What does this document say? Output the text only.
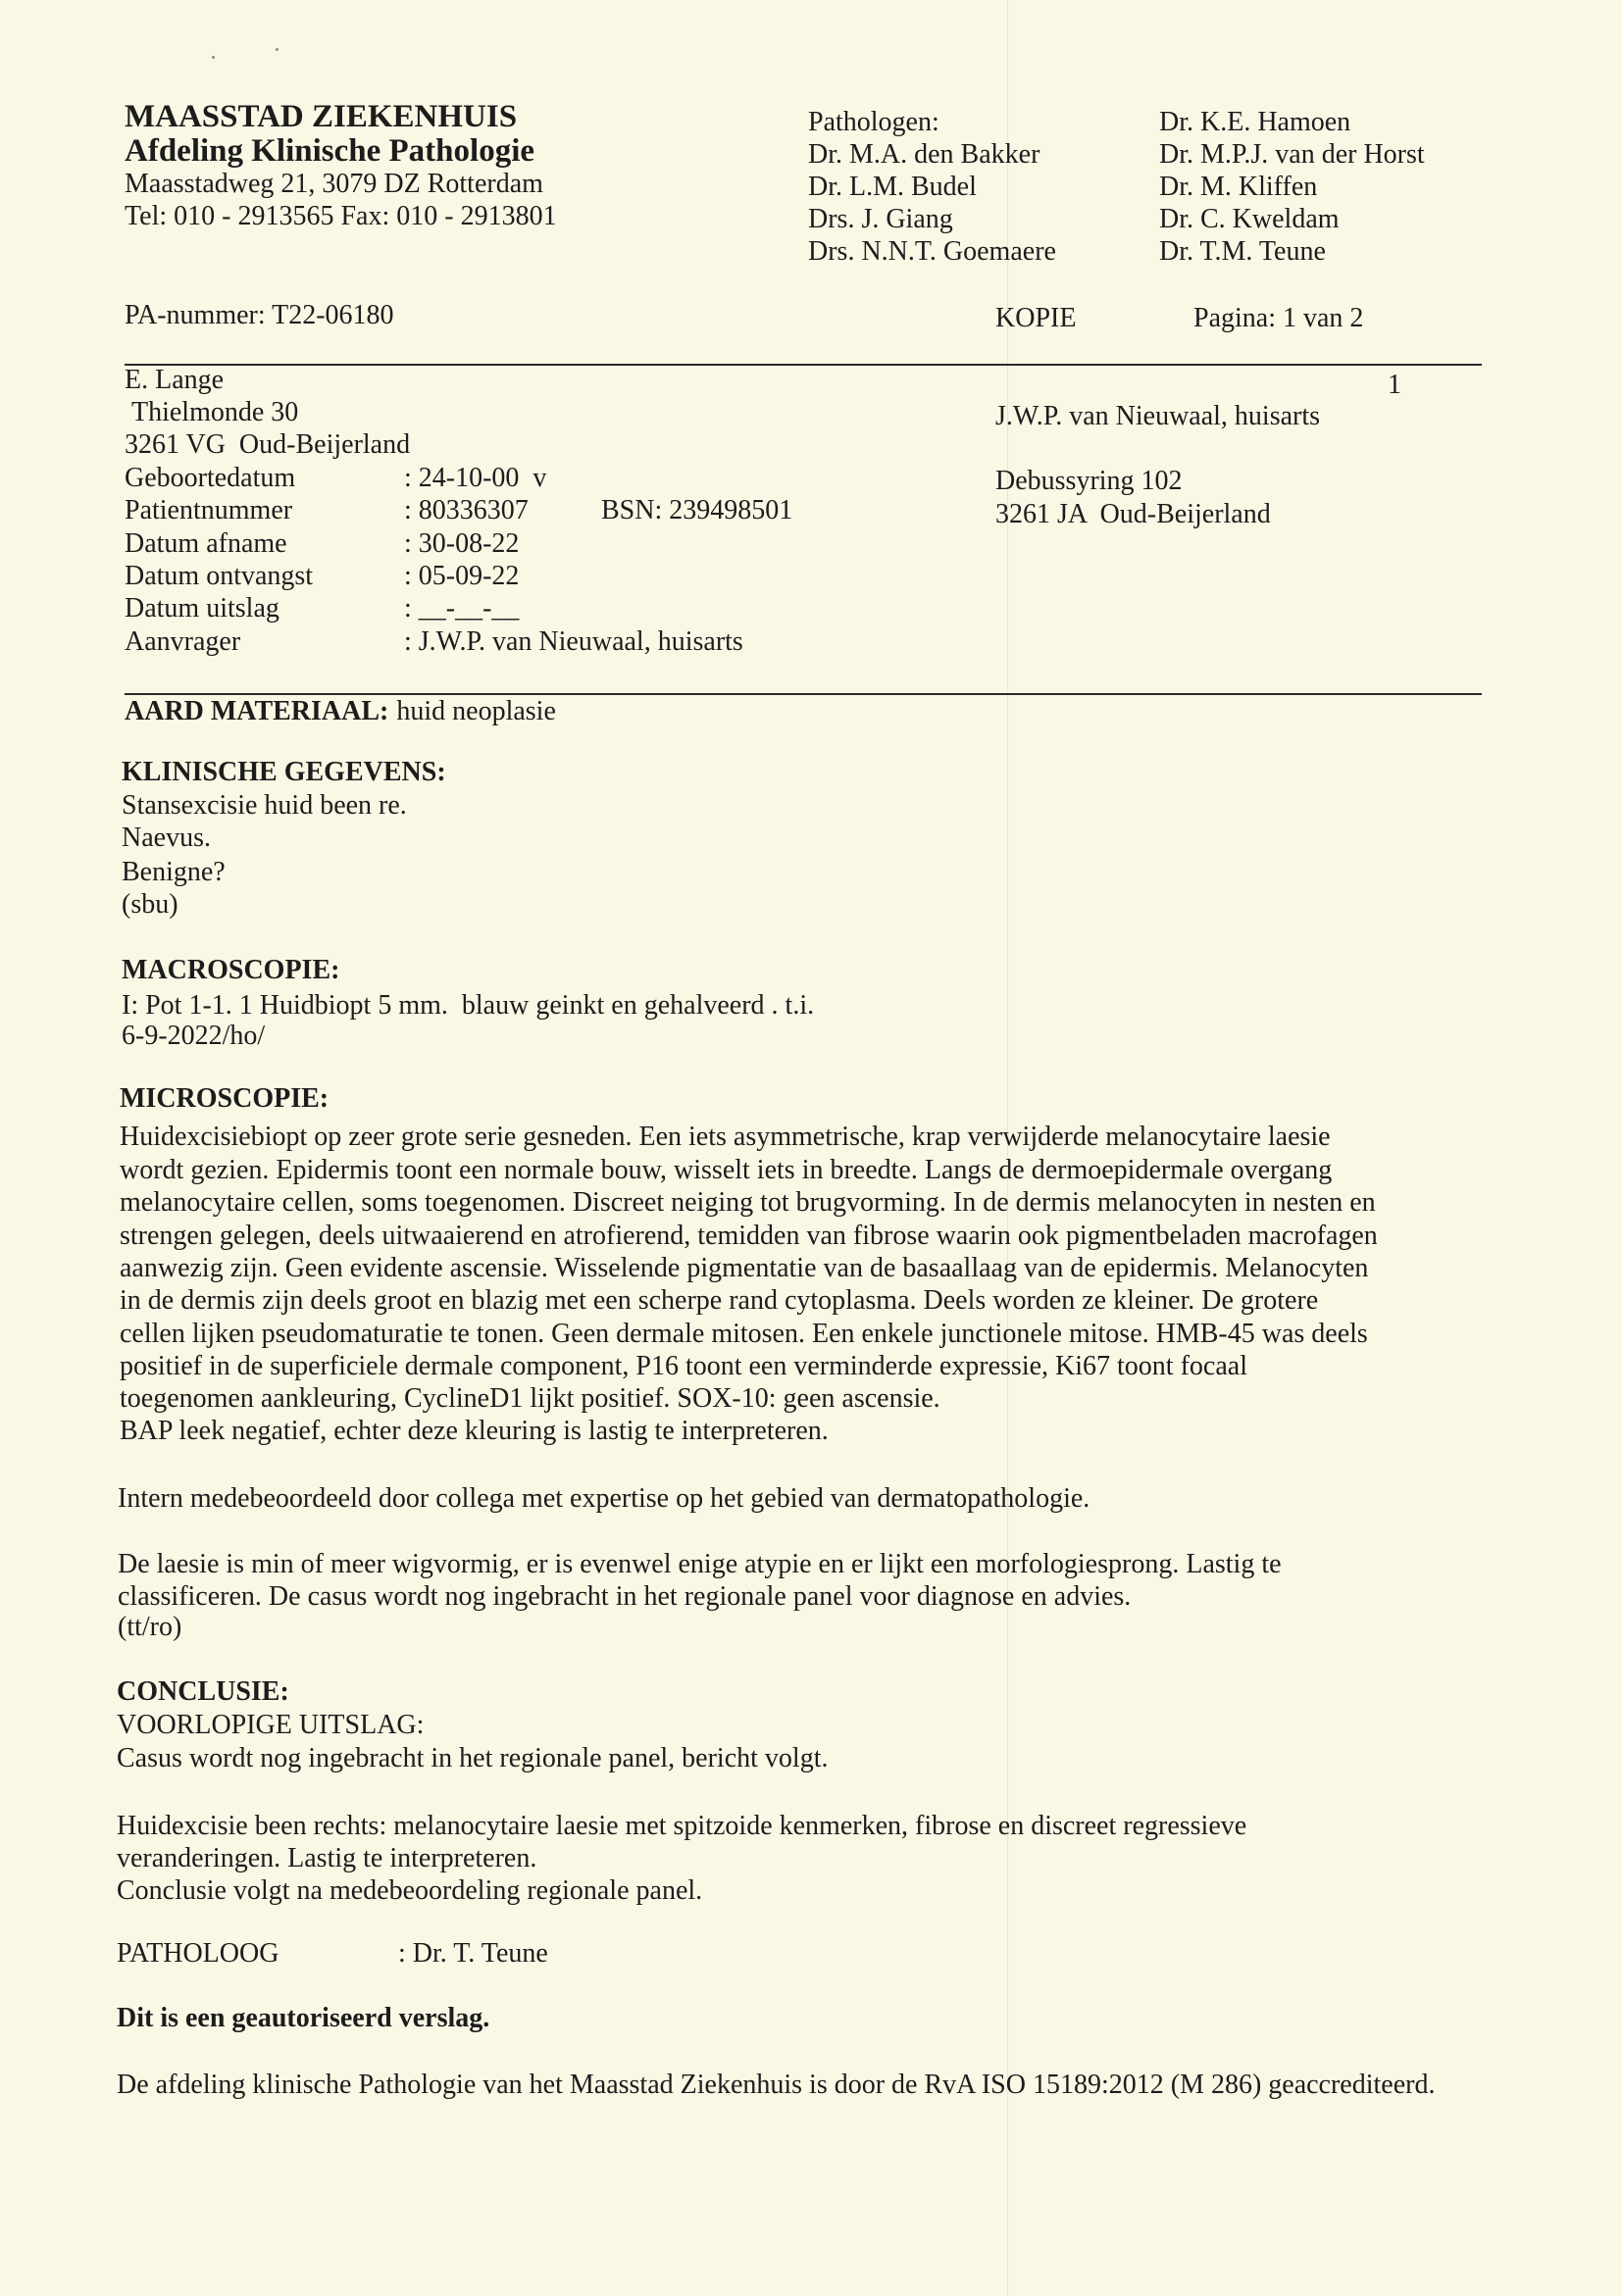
MAASSTAD ZIEKENHUIS
Afdeling Klinische Pathologie
Maasstadweg 21, 3079 DZ Rotterdam
Tel: 010 - 2913565 Fax: 010 - 2913801
Pathologen:
Dr. M.A. den Bakker
Dr. L.M. Budel
Drs. J. Giang
Drs. N.N.T. Goemaere
Dr. K.E. Hamoen
Dr. M.P.J. van der Horst
Dr. M. Kliffen
Dr. C. Kweldam
Dr. T.M. Teune
PA-nummer: T22-06180	KOPIE	Pagina: 1 van 2
E. Lange
Thielmonde 30
3261 VG  Oud-Beijerland
Geboortedatum	: 24-10-00  v
Patientnummer	: 80336307	BSN: 239498501
Datum afname	: 30-08-22
Datum ontvangst	: 05-09-22
Datum uitslag	: __-__-__
Aanvrager	: J.W.P. van Nieuwaal, huisarts
1
J.W.P. van Nieuwaal, huisarts
Debussyring 102
3261 JA  Oud-Beijerland
AARD MATERIAAL: huid neoplasie
KLINISCHE GEGEVENS:
Stansexcisie huid been re.
Naevus.
Benigne?
(sbu)
MACROSCOPIE:
I: Pot 1-1. 1 Huidbiopt 5 mm.  blauw geinkt en gehalveerd . t.i.
6-9-2022/ho/
MICROSCOPIE:
Huidexcisiebiopt op zeer grote serie gesneden. Een iets asymmetrische, krap verwijderde melanocytaire laesie
wordt gezien. Epidermis toont een normale bouw, wisselt iets in breedte. Langs de dermoepidermale overgang
melanocytaire cellen, soms toegenomen. Discreet neiging tot brugvorming. In de dermis melanocyten in nesten en
strengen gelegen, deels uitwaaierend en atrofierend, temidden van fibrose waarin ook pigmentbeladen macrofagen
aanwezig zijn. Geen evidente ascensie. Wisselende pigmentatie van de basaallaag van de epidermis. Melanocyten
in de dermis zijn deels groot en blazig met een scherpe rand cytoplasma. Deels worden ze kleiner. De grotere
cellen lijken pseudomaturatie te tonen. Geen dermale mitosen. Een enkele junctionele mitose. HMB-45 was deels
positief in de superficiele dermale component, P16 toont een verminderde expressie, Ki67 toont focaal
toegenomen aankleuring, CyclineD1 lijkt positief. SOX-10: geen ascensie.
BAP leek negatief, echter deze kleuring is lastig te interpreteren.
Intern medebeoordeeld door collega met expertise op het gebied van dermatopathologie.
De laesie is min of meer wigvormig, er is evenwel enige atypie en er lijkt een morfologiesprong. Lastig te
classificeren. De casus wordt nog ingebracht in het regionale panel voor diagnose en advies.
(tt/ro)
CONCLUSIE:
VOORLOPIGE UITSLAG:
Casus wordt nog ingebracht in het regionale panel, bericht volgt.
Huidexcisie been rechts: melanocytaire laesie met spitzoide kenmerken, fibrose en discreet regressieve
veranderingen. Lastig te interpreteren.
Conclusie volgt na medebeoordeling regionale panel.
PATHOLOOG	: Dr. T. Teune
Dit is een geautoriseerd verslag.
De afdeling klinische Pathologie van het Maasstad Ziekenhuis is door de RvA ISO 15189:2012 (M 286) geaccrediteerd.
